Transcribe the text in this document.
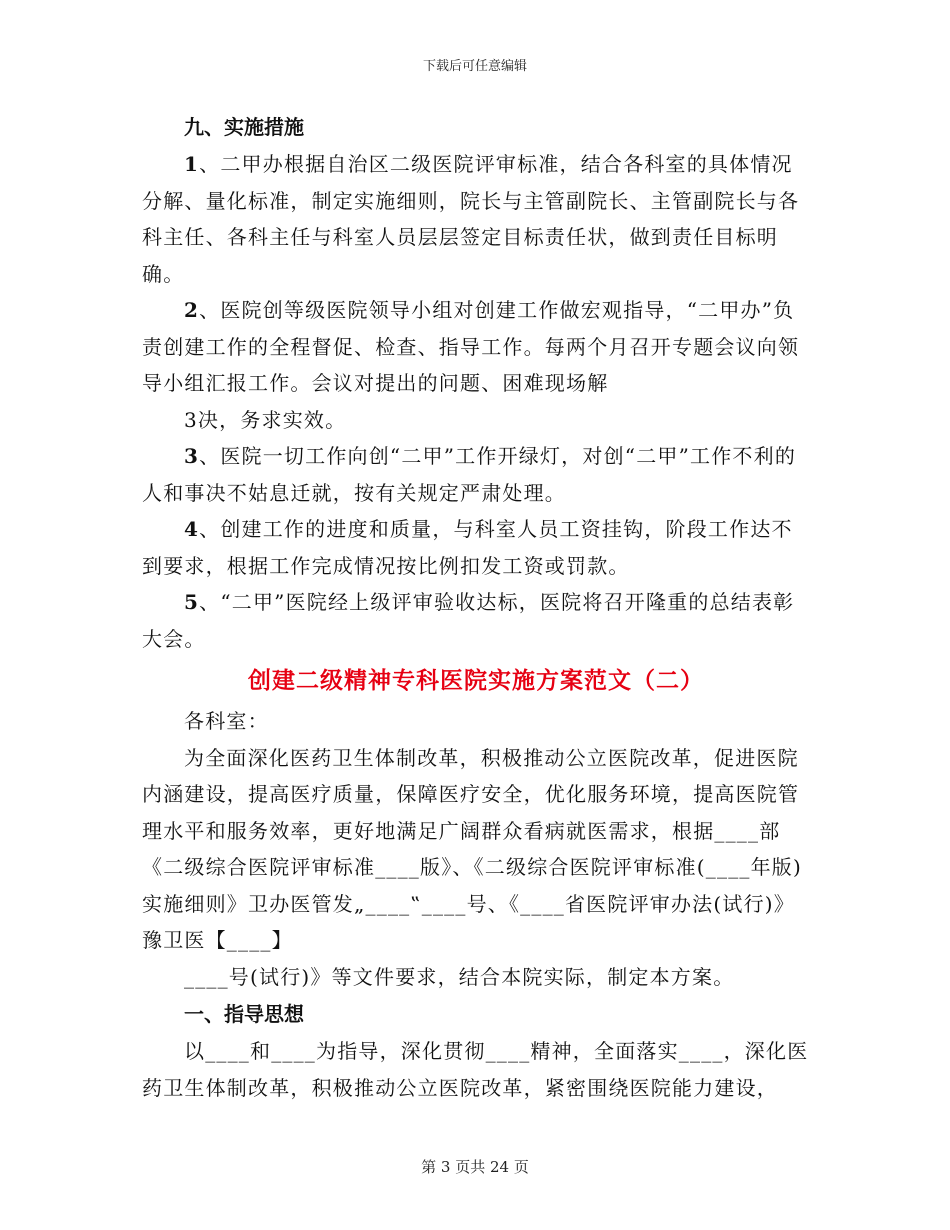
下载后可任意编辑

九、实施措施

1、二甲办根据自治区二级医院评审标准，结合各科室的具体情况分解、量化标准，制定实施细则，院长与主管副院长、主管副院长与各科主任、各科主任与科室人员层层签定目标责任状，做到责任目标明确。

2、医院创等级医院领导小组对创建工作做宏观指导，“二甲办”负责创建工作的全程督促、检查、指导工作。每两个月召开专题会议向领导小组汇报工作。会议对提出的问题、困难现场解

3决，务求实效。

3、医院一切工作向创“二甲”工作开绿灯，对创“二甲”工作不利的人和事决不姑息迁就，按有关规定严肃处理。

4、创建工作的进度和质量，与科室人员工资挂钩，阶段工作达不到要求，根据工作完成情况按比例扣发工资或罚款。

5、“二甲”医院经上级评审验收达标，医院将召开隆重的总结表彰大会。

创建二级精神专科医院实施方案范文（二）

各科室：

为全面深化医药卫生体制改革，积极推动公立医院改革，促进医院内涵建设，提高医疗质量，保障医疗安全，优化服务环境，提高医院管理水平和服务效率，更好地满足广阔群众看病就医需求，根据____部《二级综合医院评审标准____版》、《二级综合医院评审标准(____年版)实施细则》卫办医管发„____‟____号、《____省医院评审办法(试行)》豫卫医【____】

____号(试行)》等文件要求，结合本院实际，制定本方案。

一、指导思想

以____和____为指导，深化贯彻____精神，全面落实____，深化医药卫生体制改革，积极推动公立医院改革，紧密围绕医院能力建设，

第 3 页共 24 页
